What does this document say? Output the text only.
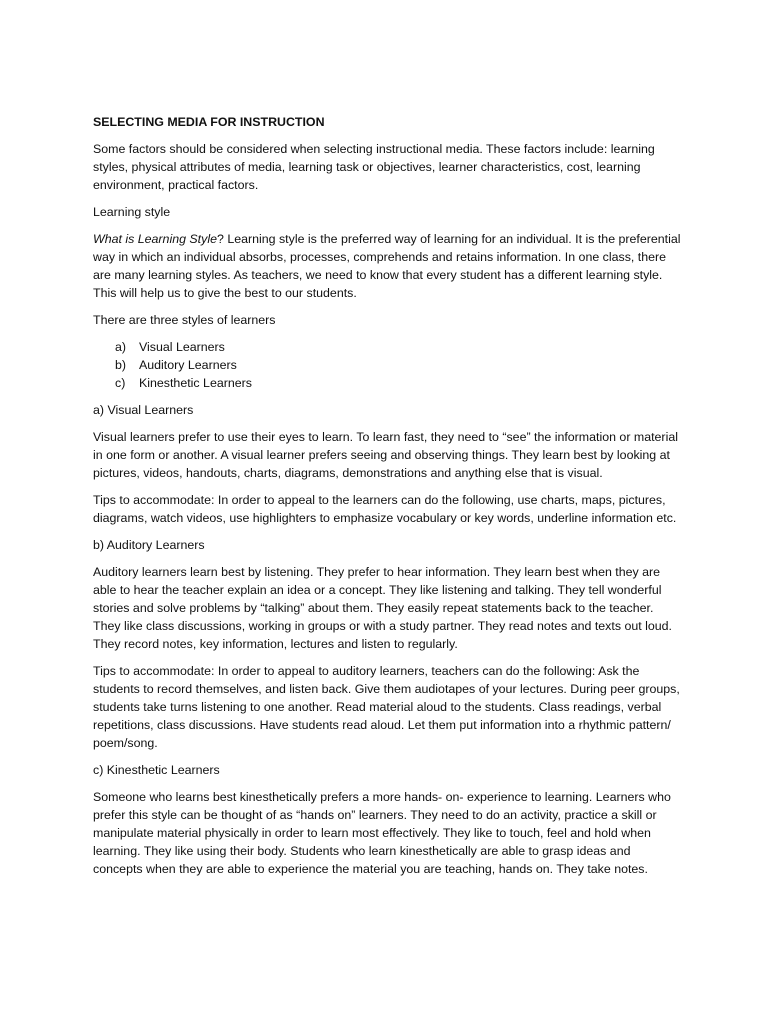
SELECTING MEDIA FOR INSTRUCTION

Some factors should be considered when selecting instructional media. These factors include: learning styles, physical attributes of media, learning task or objectives, learner characteristics, cost, learning environment, practical factors.

Learning style

What is Learning Style? Learning style is the preferred way of learning for an individual. It is the preferential way in which an individual absorbs, processes, comprehends and retains information. In one class, there are many learning styles. As teachers, we need to know that every student has a different learning style. This will help us to give the best to our students.

There are three styles of learners

a)	Visual Learners
b)	Auditory Learners
c)	Kinesthetic Learners

a) Visual Learners

Visual learners prefer to use their eyes to learn. To learn fast, they need to “see” the information or material in one form or another. A visual learner prefers seeing and observing things. They learn best by looking at pictures, videos, handouts, charts, diagrams, demonstrations and anything else that is visual.

Tips to accommodate: In order to appeal to the learners can do the following, use charts, maps, pictures, diagrams, watch videos, use highlighters to emphasize vocabulary or key words, underline information etc.

b) Auditory Learners

Auditory learners learn best by listening. They prefer to hear information. They learn best when they are able to hear the teacher explain an idea or a concept. They like listening and talking. They tell wonderful stories and solve problems by “talking” about them. They easily repeat statements back to the teacher. They like class discussions, working in groups or with a study partner. They read notes and texts out loud. They record notes, key information, lectures and listen to regularly.

Tips to accommodate: In order to appeal to auditory learners, teachers can do the following: Ask the students to record themselves, and listen back. Give them audiotapes of your lectures. During peer groups, students take turns listening to one another. Read material aloud to the students. Class readings, verbal repetitions, class discussions. Have students read aloud. Let them put information into a rhythmic pattern/ poem/song.

c) Kinesthetic Learners

Someone who learns best kinesthetically prefers a more hands- on- experience to learning. Learners who prefer this style can be thought of as “hands on” learners. They need to do an activity, practice a skill or manipulate material physically in order to learn most effectively. They like to touch, feel and hold when learning. They like using their body. Students who learn kinesthetically are able to grasp ideas and concepts when they are able to experience the material you are teaching, hands on. They take notes.
